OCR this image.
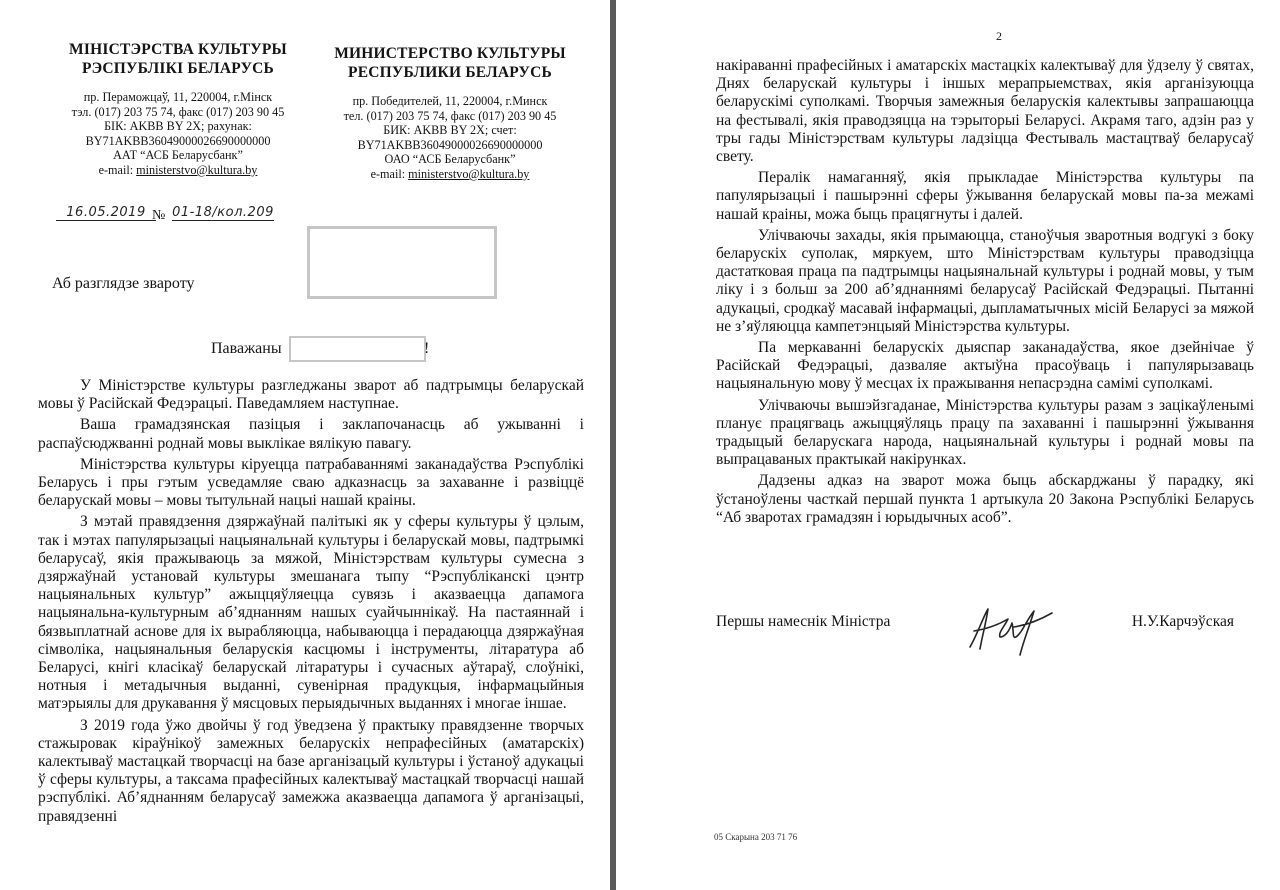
МІНІСТЭРСТВА КУЛЬТУРЫ
РЭСПУБЛІКІ БЕЛАРУСЬ
пр. Пераможцаў, 11, 220004, г.Мінск
тэл. (017) 203 75 74, факс (017) 203 90 45
БІК: AKBB BY 2X; рахунак:
BY71AKBB36049000026690000000
ААТ “АСБ Беларусбанк”
e-mail: ministerstvo@kultura.by
МИНИСТЕРСТВО КУЛЬТУРЫ
РЕСПУБЛИКИ БЕЛАРУСЬ
пр. Победителей, 11, 220004, г.Минск
тел. (017) 203 75 74, факс (017) 203 90 45
БИК: AKBB BY 2X; счет:
BY71AKBB36049000026690000000
ОАО “АСБ Беларусбанк”
e-mail: ministerstvo@kultura.by
16.05.2019 № 01-18/кол.209
Аб разглядзе звароту
Паважаны	!

У Міністэрстве культуры разгледжаны зварот аб падтрымцы беларускай мовы ў Расійскай Федэрацыі. Паведамляем наступнае.

Ваша грамадзянская пазіцыя і заклапочанасць аб ужыванні і распаўсюджванні роднай мовы выклікае вялікую павагу.

Міністэрства культуры кіруецца патрабаваннямі заканадаўства Рэспублікі Беларусь і пры гэтым усведамляе сваю адказнасць за захаванне і развіццё беларускай мовы – мовы тытульнай нацыі нашай краіны.

З мэтай правядзення дзяржаўнай палітыкі як у сферы культуры ў цэлым, так і мэтах папулярызацыі нацыянальнай культуры і беларускай мовы, падтрымкі беларусаў, якія пражываюць за мяжой, Міністэрствам культуры сумесна з дзяржаўнай установай культуры змешанага тыпу “Рэспубліканскі цэнтр нацыянальных культур” ажыццяўляецца сувязь і аказваецца дапамога нацыянальна-культурным аб’яднанням нашых суайчыннікаў. На пастаяннай і бязвыплатнай аснове для іх вырабляюцца, набываюцца і перадаюцца дзяржаўная сімволіка, нацыянальныя беларускія касцюмы і інструменты, літаратура аб Беларусі, кнігі класікаў беларускай літаратуры і сучасных аўтараў, слоўнікі, нотныя і метадычныя выданні, сувенірная прадукцыя, інфармацыйныя матэрыялы для друкавання ў мясцовых перыядычных выданнях і многае іншае.

З 2019 года ўжо двойчы ў год ўведзена ў практыку правядзенне творчых стажыровак кіраўнікоў замежных беларускіх непрафесійных (аматарскіх) калектываў мастацкай творчасці на базе арганізацый культуры і ўстаноў адукацыі ў сферы культуры, а таксама прафесійных калектываў мастацкай творчасці нашай рэспублікі. Аб’яднанням беларусаў замежжа аказваецца дапамога ў арганізацыі, правядзенні

2

накіраванні прафесійных і аматарскіх мастацкіх калектываў для ўдзелу ў святах, Днях беларускай культуры і іншых мерапрыемствах, якія арганізуюцца беларускімі суполкамі. Творчыя замежныя беларускія калектывы запрашаюцца на фестывалі, якія праводзяцца на тэрыторыі Беларусі. Акрамя таго, адзін раз у тры гады Міністэрствам культуры ладзіцца Фестываль мастацтваў беларусаў свету.

Пералік намаганняў, якія прыкладае Міністэрства культуры па папулярызацыі і пашырэнні сферы ўжывання беларускай мовы па-за межамі нашай краіны, можа быць працягнуты і далей.

Улічваючы захады, якія прымаюцца, станоўчыя зваротныя водгукі з боку беларускіх суполак, мяркуем, што Міністэрствам культуры праводзіцца дастатковая праца па падтрымцы нацыянальнай культуры і роднай мовы, у тым ліку і з больш за 200 аб’яднаннямі беларусаў Расійскай Федэрацыі. Пытанні адукацыі, сродкаў масавай інфармацыі, дыпламатычных місій Беларусі за мяжой не з’яўляюцца кампетэнцыяй Міністэрства культуры.

Па меркаванні беларускіх дыяспар заканадаўства, якое дзейнічае ў Расійскай Федэрацыі, дазваляе актыўна прасоўваць і папулярызаваць нацыянальную мову ў месцах іх пражывання непасрэдна самімі суполкамі.

Улічваючы вышэйзгаданае, Міністэрства культуры разам з зацікаўленымі планує працягваць ажыццяўляць працу па захаванні і пашырэнні ўжывання традыцый беларускага народа, нацыянальнай культуры і роднай мовы па выпрацаваных практыкай накірунках.

Дадзены адказ на зварот можа быць абскарджаны ў парадку, які ўстаноўлены часткай першай пункта 1 артыкула 20 Закона Рэспублікі Беларусь “Аб зваротах грамадзян і юрыдычных асоб”.

Першы намеснік Міністра	Н.У.Карчэўская
05 Скарына 203 71 76
